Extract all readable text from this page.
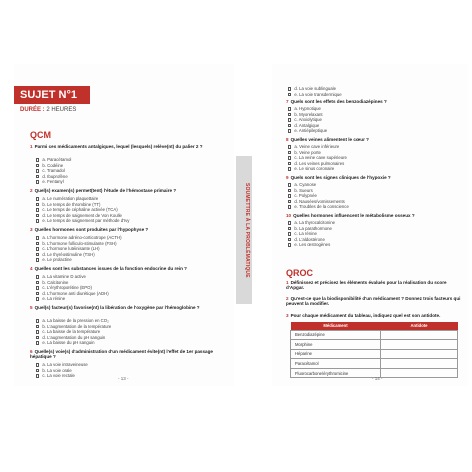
SOUMETTRE À LA PROBLÉMATIQUE
SUJET N°1
DURÉE : 2 HEURES
QCM
1 Parmi ces médicaments antalgiques, lequel (lesquels) relève(nt) du palier 2 ?
a. Paracétamol
b. Codéine
c. Tramadol
d. Ibuprofène
e. Fentanyl
2 Quel(s) examen(s) permet(tent) l'étude de l'hémostase primaire ?
a. Le numération plaquettaire
b. Le temps de thrombine (TT)
c. Le temps de céphaline activée (TCA)
d. Le temps de saignement de Von Koulle
e. Le temps de saignement par méthode d'Ivy
3 Quelles hormones sont produites par l'hypophyse ?
a. L'hormone adréno-corticotrope (ACTH)
b. L'hormone folliculo-stimulante (FSH)
c. L'hormone lutéinisante (LH)
d. Le thyréostimuline (TSH)
e. Le prolactine
4 Quelles sont les substances issues de la fonction endocrine du rein ?
a. La vitamine D active
b. Calcitonine
c. L'érythropoïétine (EPO)
d. L'hormone anti diurétique (ADH)
e. La rénine
5 Quel(s) facteur(s) favorise(nt) la libération de l'oxygène par l'hémoglobine ?
a. La baisse de la pression en CO₂
b. L'augmentation de la température
c. La baisse de la température
d. L'augmentation du pH sanguin
e. La baisse du pH sanguin
6 Quelle(s) voie(s) d'administration d'un médicament évite(nt) l'effet de 1er passage hépatique ?
a. La voie intraveineuse
b. La voie orale
c. La voie rectale
d. La voie sublinguale
e. La voie transdermique
7 Quels sont les effets des benzodiazépines ?
a. Hypnotique
b. Myorelaxant
c. Anxiolytique
d. Antalgique
e. Antiépileptique
8 Quelles veines alimentent le cœur ?
a. Veine cave inférieure
b. Veine porte
c. La veine cave supérieure
d. Les veines pulmonaires
e. Le sinus coronaire
9 Quels sont les signes cliniques de l'hypoxie ?
a. Cyanose
b. Sueurs
c. Polypnée
d. Nausées/vomissements
e. Troubles de la conscience
10 Quelles hormones influencent le métabolisme osseux ?
a. La thyrocalcitonine
b. La parathormone
c. La rénine
d. L'aldostérone
e. Les œstrogènes
1 Définissez et précisez les éléments évalués pour la réalisation du score d'Apgar.
2 Qu'est-ce que la biodisponibilité d'un médicament ? Donnez trois facteurs qui peuvent la modifier.
3 Pour chaque médicament du tableau, indiquez quel est son antidote.
QROC
Médicament	Antidote
Benzodiazépine	
Morphine	
Héparine	
Paracétamol	
Fluorocarbone/érythromicine	
- 13 -	- 14 -
